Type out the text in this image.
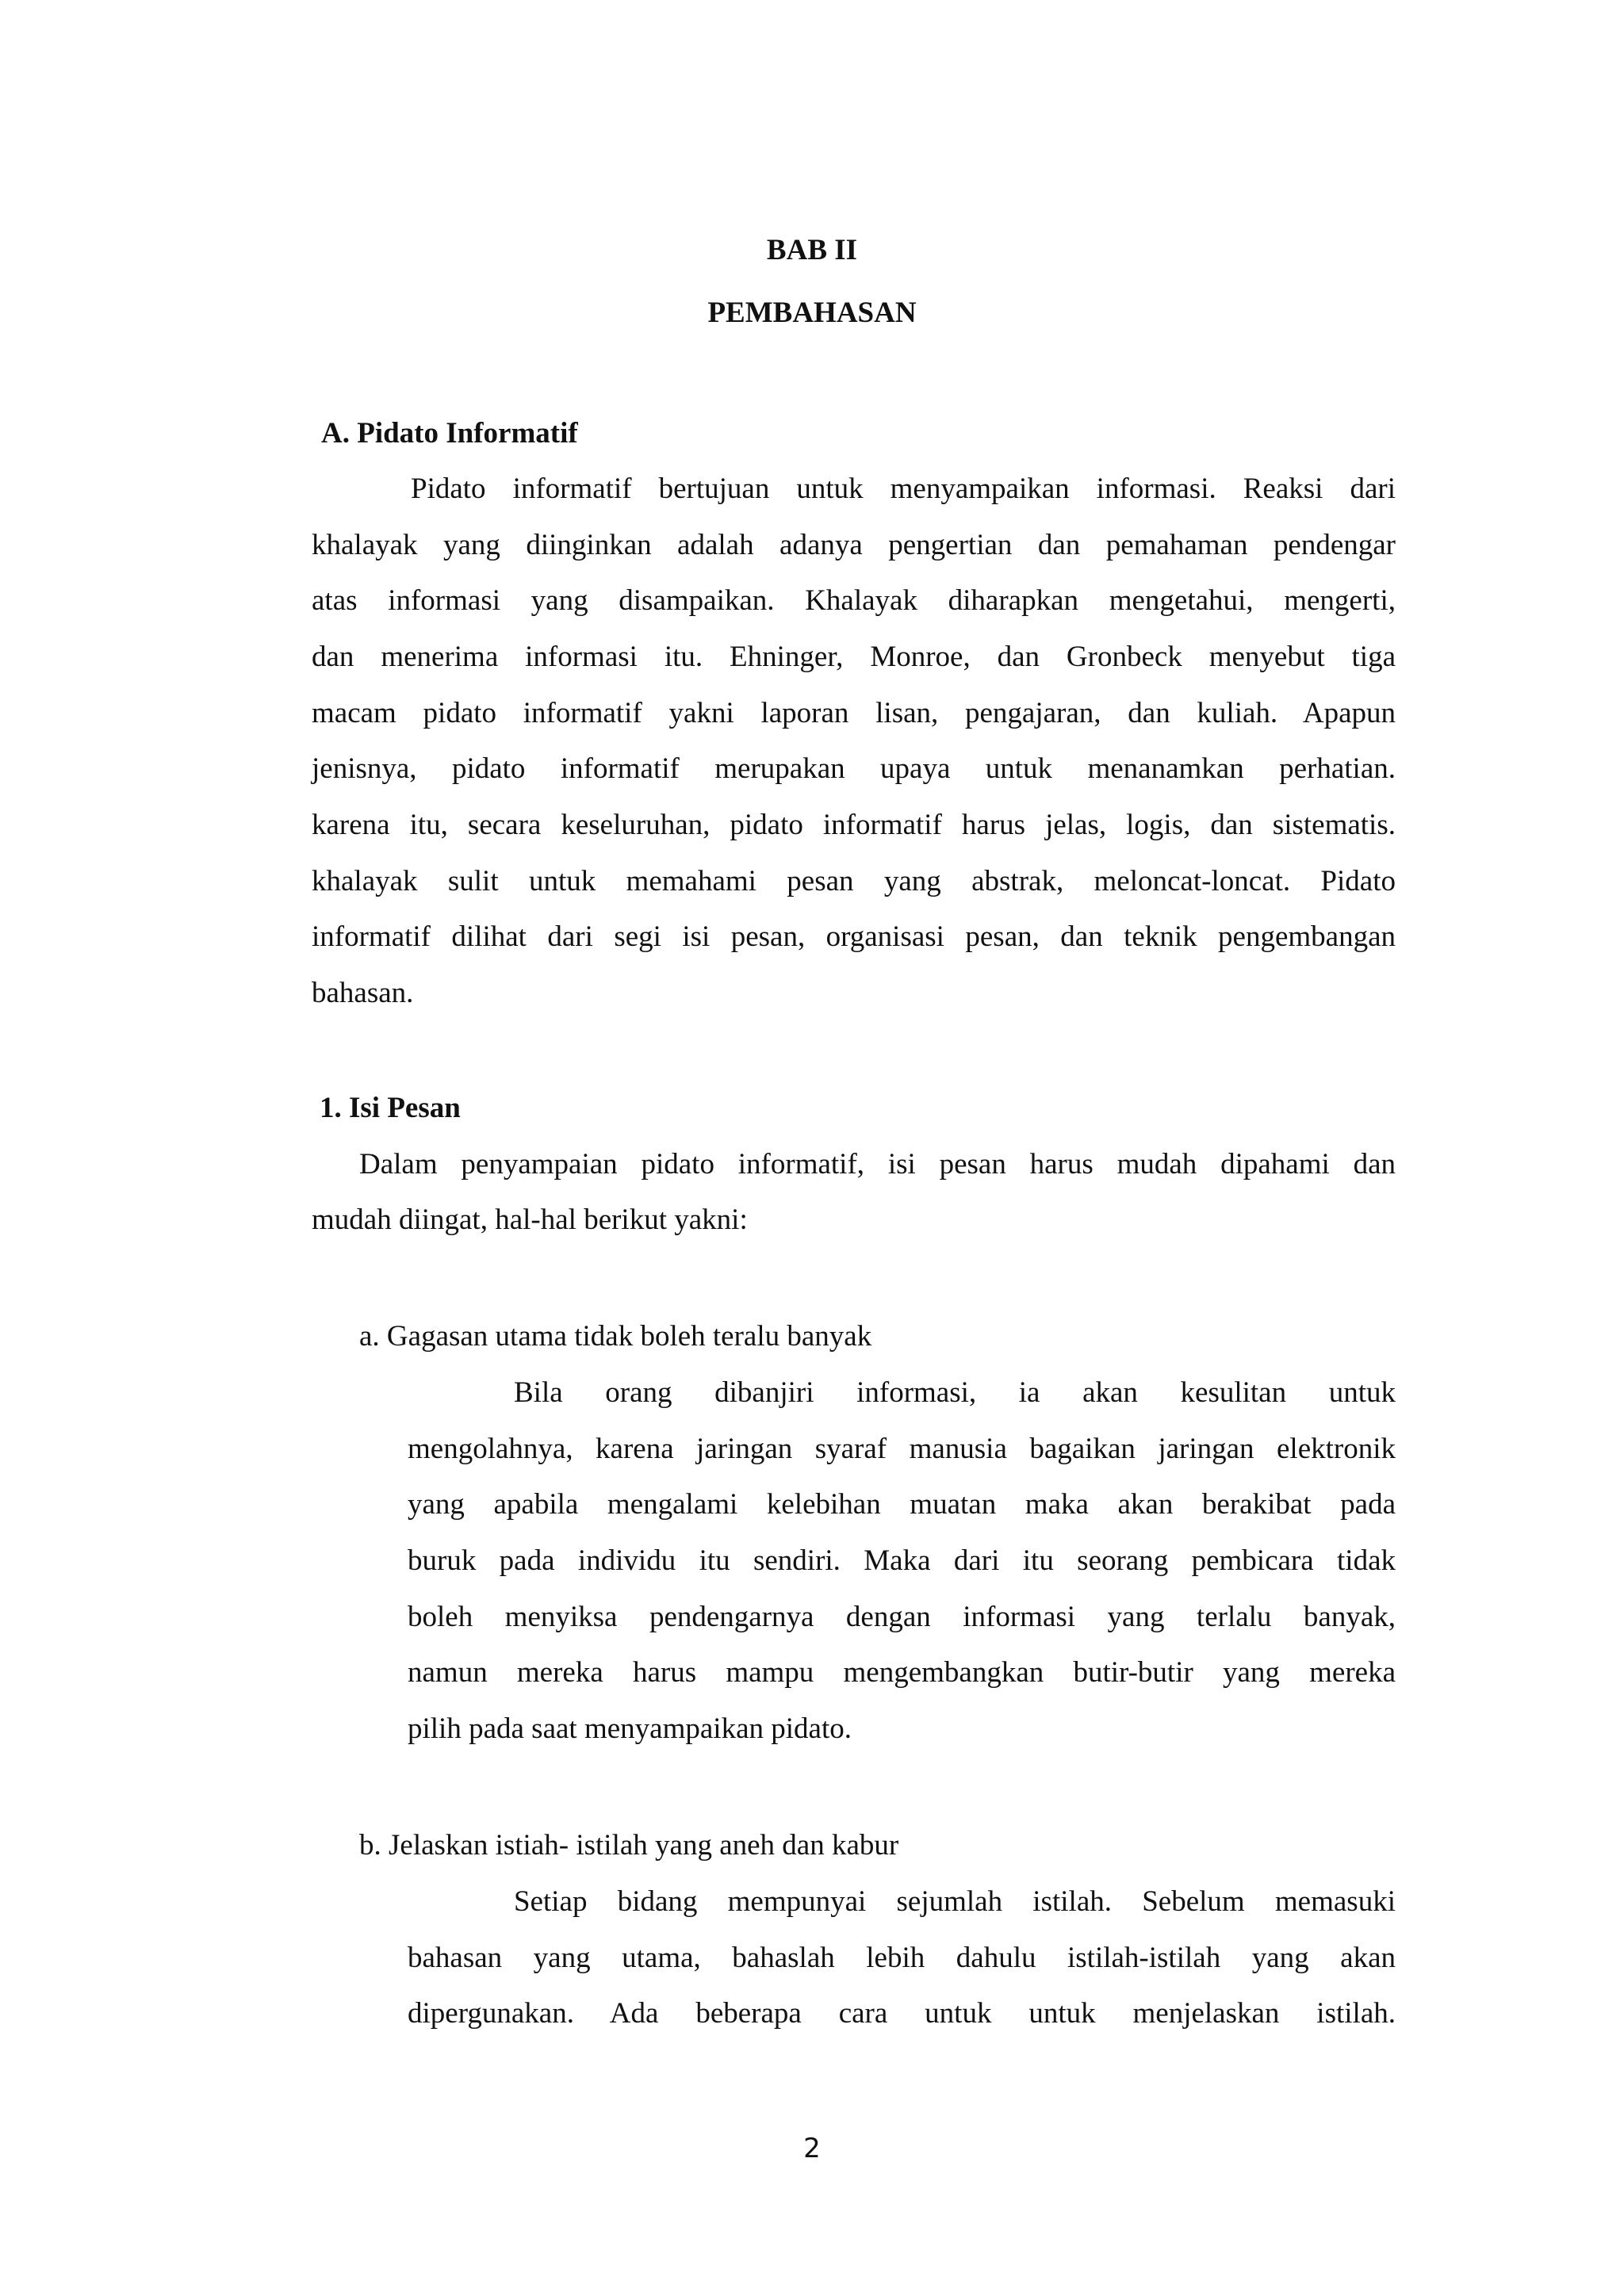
BAB II

PEMBAHASAN

A. Pidato Informatif

Pidato informatif bertujuan untuk menyampaikan informasi. Reaksi dari

khalayak yang diinginkan adalah adanya pengertian dan pemahaman pendengar

atas informasi yang disampaikan. Khalayak diharapkan mengetahui, mengerti,

dan menerima informasi itu. Ehninger, Monroe, dan Gronbeck menyebut tiga

macam pidato informatif yakni laporan lisan, pengajaran, dan kuliah. Apapun

jenisnya, pidato informatif merupakan upaya untuk menanamkan perhatian.

karena itu, secara keseluruhan, pidato informatif harus jelas, logis, dan sistematis.

khalayak sulit untuk memahami pesan yang abstrak, meloncat-loncat. Pidato

informatif dilihat dari segi isi pesan, organisasi pesan, dan teknik pengembangan

bahasan.

1. Isi Pesan

Dalam penyampaian pidato informatif, isi pesan harus mudah dipahami dan

mudah diingat, hal-hal berikut yakni:

a. Gagasan utama tidak boleh teralu banyak

Bila orang dibanjiri informasi, ia akan kesulitan untuk

mengolahnya, karena jaringan syaraf manusia bagaikan jaringan elektronik

yang apabila mengalami kelebihan muatan maka akan berakibat pada

buruk pada individu itu sendiri. Maka dari itu seorang pembicara tidak

boleh menyiksa pendengarnya dengan informasi yang terlalu banyak,

namun mereka harus mampu mengembangkan butir-butir yang mereka

pilih pada saat menyampaikan pidato.

b. Jelaskan istiah- istilah yang aneh dan kabur

Setiap bidang mempunyai sejumlah istilah. Sebelum memasuki

bahasan yang utama, bahaslah lebih dahulu istilah-istilah yang akan

dipergunakan. Ada beberapa cara untuk untuk menjelaskan istilah.

2
